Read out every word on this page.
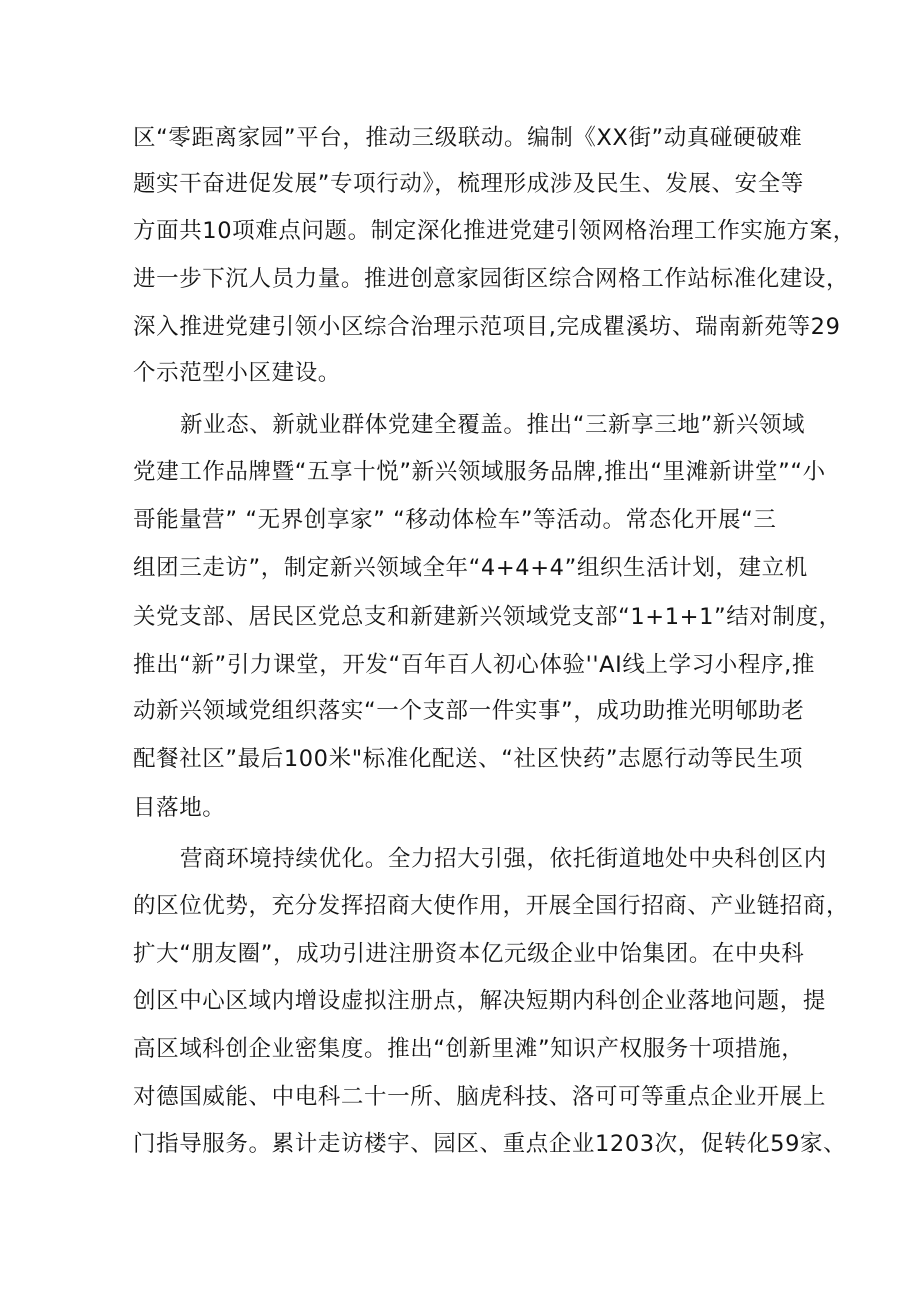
区“零距离家园”平台，推动三级联动。编制《XX街”动真碰硬破难
题实干奋进促发展”专项行动》，梳理形成涉及民生、发展、安全等
方面共10项难点问题。制定深化推进党建引领网格治理工作实施方案，
进一步下沉人员力量。推进创意家园街区综合网格工作站标准化建设，
深入推进党建引领小区综合治理示范项目,完成瞿溪坊、瑞南新苑等29
个示范型小区建设。
新业态、新就业群体党建全覆盖。推出“三新享三地”新兴领域
党建工作品牌暨“五享十悦”新兴领域服务品牌,推出“里滩新讲堂”“小
哥能量营” “无界创享家” “移动体检车”等活动。常态化开展“三
组团三走访”，制定新兴领域全年“4+4+4”组织生活计划，建立机
关党支部、居民区党总支和新建新兴领域党支部“1+1+1”结对制度，
推出“新”引力课堂，开发“百年百人初心体验''AI线上学习小程序,推
动新兴领域党组织落实“一个支部一件实事”，成功助推光明郇助老
配餐社区”最后100米"标准化配送、“社区快药”志愿行动等民生项
目落地。
营商环境持续优化。全力招大引强，依托街道地处中央科创区内
的区位优势，充分发挥招商大使作用，开展全国行招商、产业链招商，
扩大“朋友圈”，成功引进注册资本亿元级企业中饴集团。在中央科
创区中心区域内增设虚拟注册点，解决短期内科创企业落地问题，提
高区域科创企业密集度。推出“创新里滩”知识产权服务十项措施，
对德国威能、中电科二十一所、脑虎科技、洛可可等重点企业开展上
门指导服务。累计走访楼宇、园区、重点企业1203次，促转化59家、
